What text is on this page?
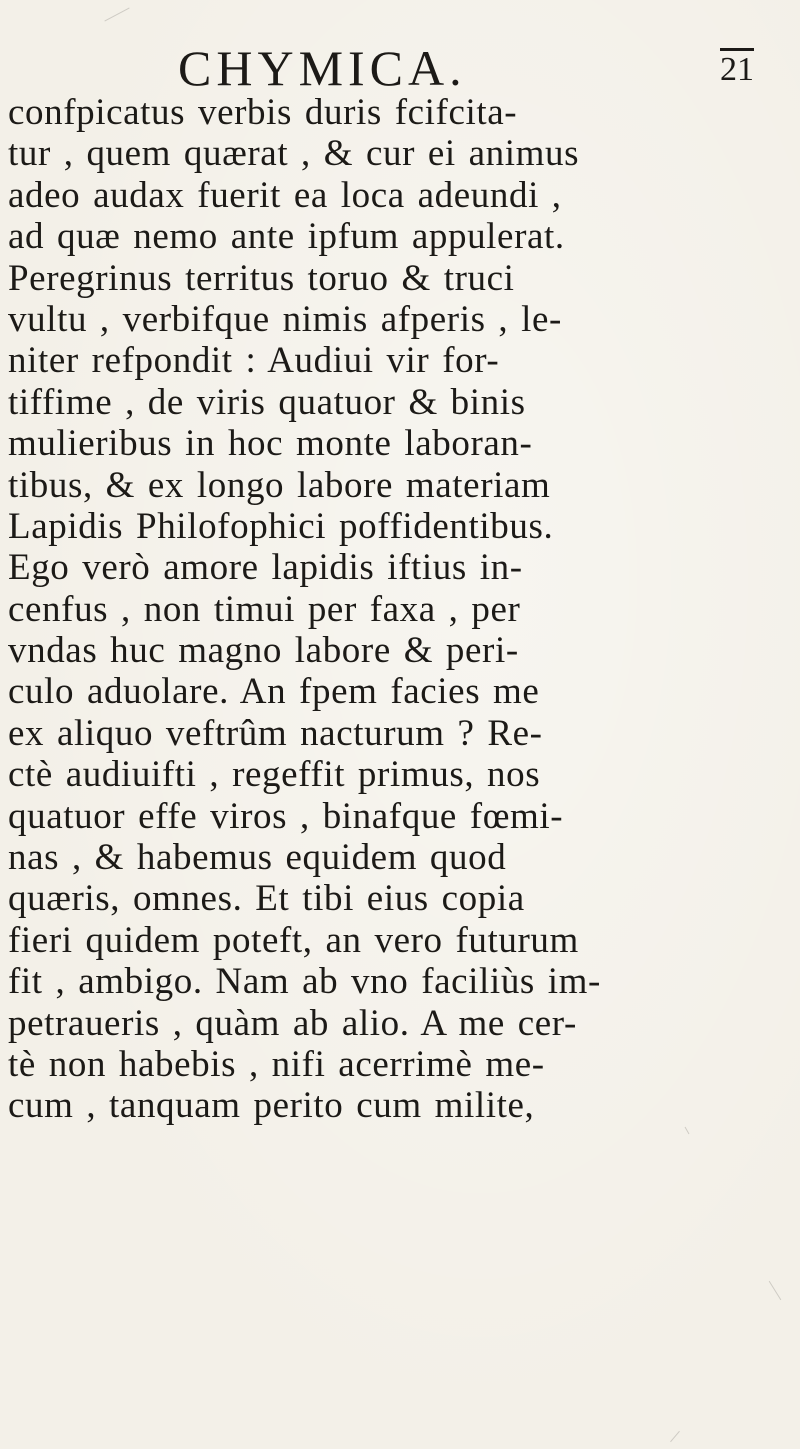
CHYMICA.	21
confpicatus verbis duris fcifcita-
tur , quem quærat , & cur ei animus
adeo audax fuerit ea loca adeundi ,
ad quæ nemo ante ipfum appulerat.
Peregrinus territus toruo & truci
vultu , verbifque nimis afperis , le-
niter refpondit : Audiui vir for-
tiffime , de viris quatuor & binis
mulieribus in hoc monte laboran-
tibus, & ex longo labore materiam
Lapidis Philofophici poffidentibus.
Ego verò amore lapidis iftius in-
cenfus , non timui per faxa , per
vndas huc magno labore & peri-
culo aduolare. An fpem facies me
ex aliquo veftrûm nacturum ? Re-
ctè audiuifti , regeffit primus, nos
quatuor effe viros , binafque fœmi-
nas , & habemus equidem quod
quæris, omnes. Et tibi eius copia
fieri quidem poteft, an vero futurum
fit , ambigo. Nam ab vno faciliùs im-
petraueris , quàm ab alio. A me cer-
tè non habebis , nifi acerrimè me-
cum , tanquam perito cum milite,
